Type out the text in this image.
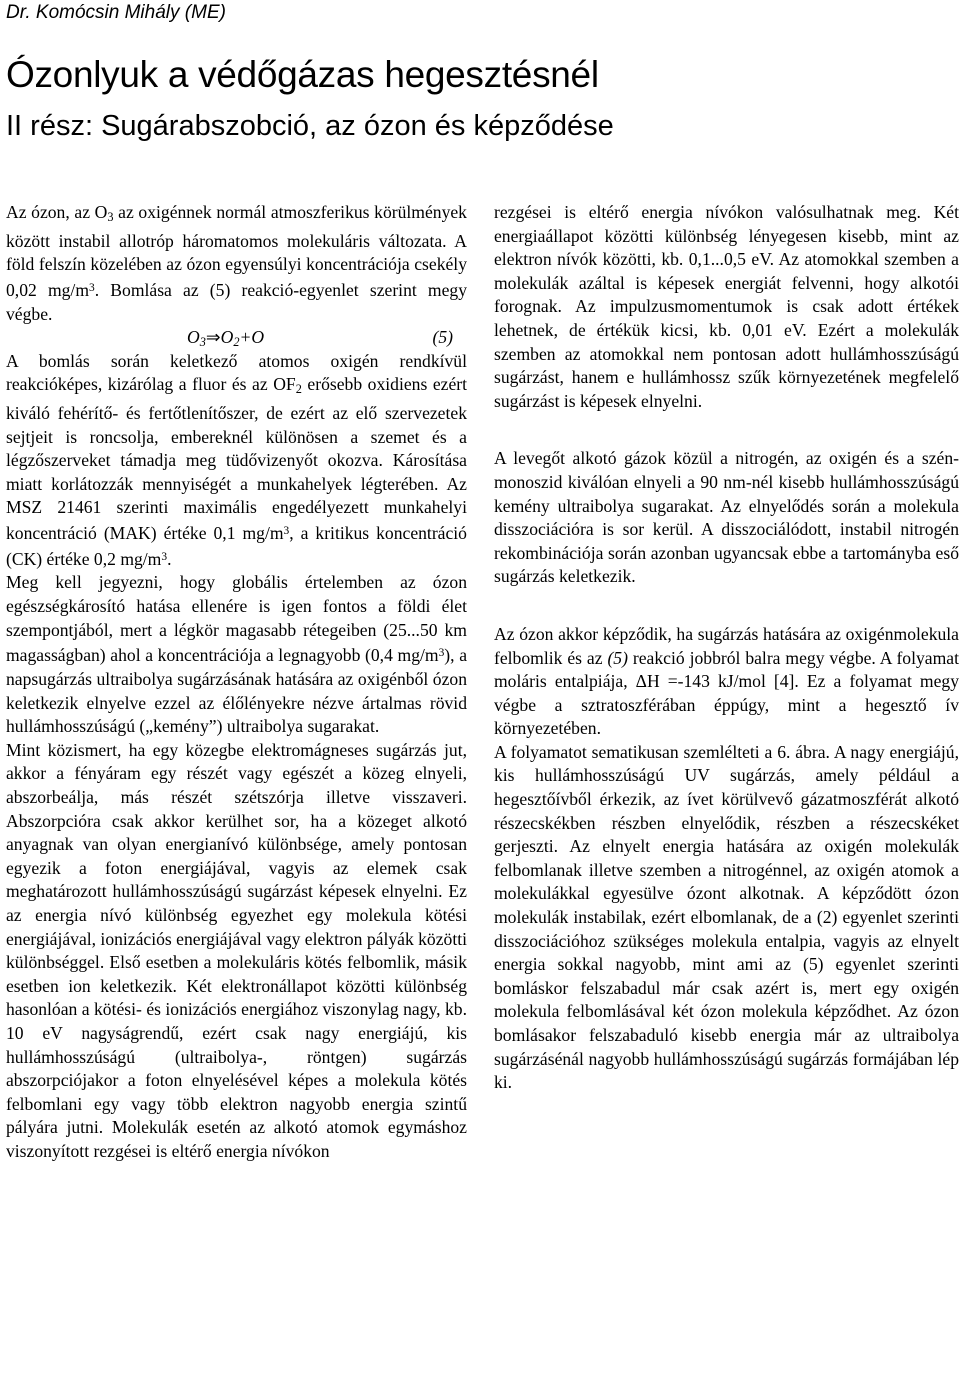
Dr. Komócsin Mihály (ME)
Ózonlyuk a védőgázas hegesztésnél
II rész: Sugárabszobció, az ózon és képződése

Az ózon, az $O_3$ az oxigénnek normál atmoszferikus körülmények között instabil allotróp háromatomos molekuláris változata. A föld felszín közelében az ózon egyensúlyi koncentrációja csekély 0,02 $mg/m^3$. Bomlása az (5) reakció-egyenlet szerint megy végbe.

$O_3\Rightarrow O_2+O$	(5)

A bomlás során keletkező atomos oxigén rendkívül reakcióképes, kizárólag a fluor és az $OF_2$ erősebb oxidiens ezért kiváló fehérítő- és fertőtlenítőszer, de ezért az elő szervezetek sejtjeit is roncsolja, embereknél különösen a szemet és a légzőszerveket támadja meg tüdővizenyőt okozva. Károsítása miatt korlátozzák mennyiségét a munkahelyek légterében. Az MSZ 21461 szerinti maximális engedélyezett munkahelyi koncentráció (MAK) értéke 0,1 $mg/m^3$, a kritikus koncentráció (CK) értéke 0,2 $mg/m^3$.

Meg kell jegyezni, hogy globális értelemben az ózon egészségkárosító hatása ellenére is igen fontos a földi élet szempontjából, mert a légkör magasabb rétegeiben (25...50 km magasságban) ahol a koncentrációja a legnagyobb (0,4 $mg/m^3$), a napsugárzás ultraibolya sugárzásának hatására az oxigénből ózon keletkezik elnyelve ezzel az élőlényekre nézve ártalmas rövid hullámhosszúságú („kemény”) ultraibolya sugarakat.

Mint közismert, ha egy közegbe elektromágneses sugárzás jut, akkor a fényáram egy részét vagy egészét a közeg elnyeli, abszorbeálja, más részét szétszórja illetve visszaveri. Abszorpcióra csak akkor kerülhet sor, ha a közeget alkotó anyagnak van olyan energianívó különbsége, amely pontosan egyezik a foton energiájával, vagyis az elemek csak meghatározott hullámhosszúságú sugárzást képesek elnyelni. Ez az energia nívó különbség egyezhet egy molekula kötési energiájával, ionizációs energiájával vagy elektron pályák közötti különbséggel. Első esetben a molekuláris kötés felbomlik, másik esetben ion keletkezik. Két elektronállapot közötti különbség hasonlóan a kötési- és ionizációs energiához viszonylag nagy, kb. 10 eV nagyságrendű, ezért csak nagy energiájú, kis hullámhosszúságú (ultraibolya-, röntgen) sugárzás abszorpciójakor a foton elnyelésével képes a molekula kötés felbomlani egy vagy több elektron nagyobb energia szintű pályára jutni. Molekulák esetén az alkotó atomok egymáshoz viszonyított rezgései is eltérő energia nívókon

rezgései is eltérő energia nívókon valósulhatnak meg. Két energiaállapot közötti különbség lényegesen kisebb, mint az elektron nívók közötti, kb. 0,1...0,5 eV. Az atomokkal szemben a molekulák azáltal is képesek energiát felvenni, hogy alkotói forognak. Az impulzusmomentumok is csak adott értékek lehetnek, de értékük kicsi, kb. 0,01 eV. Ezért a molekulák szemben az atomokkal nem pontosan adott hullámhosszúságú sugárzást, hanem e hullámhossz szűk környezetének megfelelő sugárzást is képesek elnyelni.

A levegőt alkotó gázok közül a nitrogén, az oxigén és a szén-monoszid kiválóan elnyeli a 90 nm-nél kisebb hullámhosszúságú kemény ultraibolya sugarakat. Az elnyelődés során a molekula disszociációra is sor kerül. A disszociálódott, instabil nitrogén rekombinációja során azonban ugyancsak ebbe a tartományba eső sugárzás keletkezik.

Az ózon akkor képződik, ha sugárzás hatására az oxigénmolekula felbomlik és az (5) reakció jobbról balra megy végbe. A folyamat moláris entalpiája, ΔH =-143 kJ/mol [4]. Ez a folyamat megy végbe a sztratoszférában éppúgy, mint a hegesztő ív környezetében.

A folyamatot sematikusan szemlélteti a 6. ábra. A nagy energiájú, kis hullámhosszúságú UV sugárzás, amely például a hegesztőívből érkezik, az ívet körülvevő gázatmoszférát alkotó részecskékben részben elnyelődik, részben a részecskéket gerjeszti. Az elnyelt energia hatására az oxigén molekulák felbomlanak illetve szemben a nitrogénnel, az oxigén atomok a molekulákkal egyesülve ózont alkotnak. A képződött ózon molekulák instabilak, ezért elbomlanak, de a (2) egyenlet szerinti disszociációhoz szükséges molekula entalpia, vagyis az elnyelt energia sokkal nagyobb, mint ami az (5) egyenlet szerinti bomláskor felszabadul már csak azért is, mert egy oxigén molekula felbomlásával két ózon molekula képződhet. Az ózon bomlásakor felszabaduló kisebb energia már az ultraibolya sugárzásénál nagyobb hullámhosszúságú sugárzás formájában lép ki.
